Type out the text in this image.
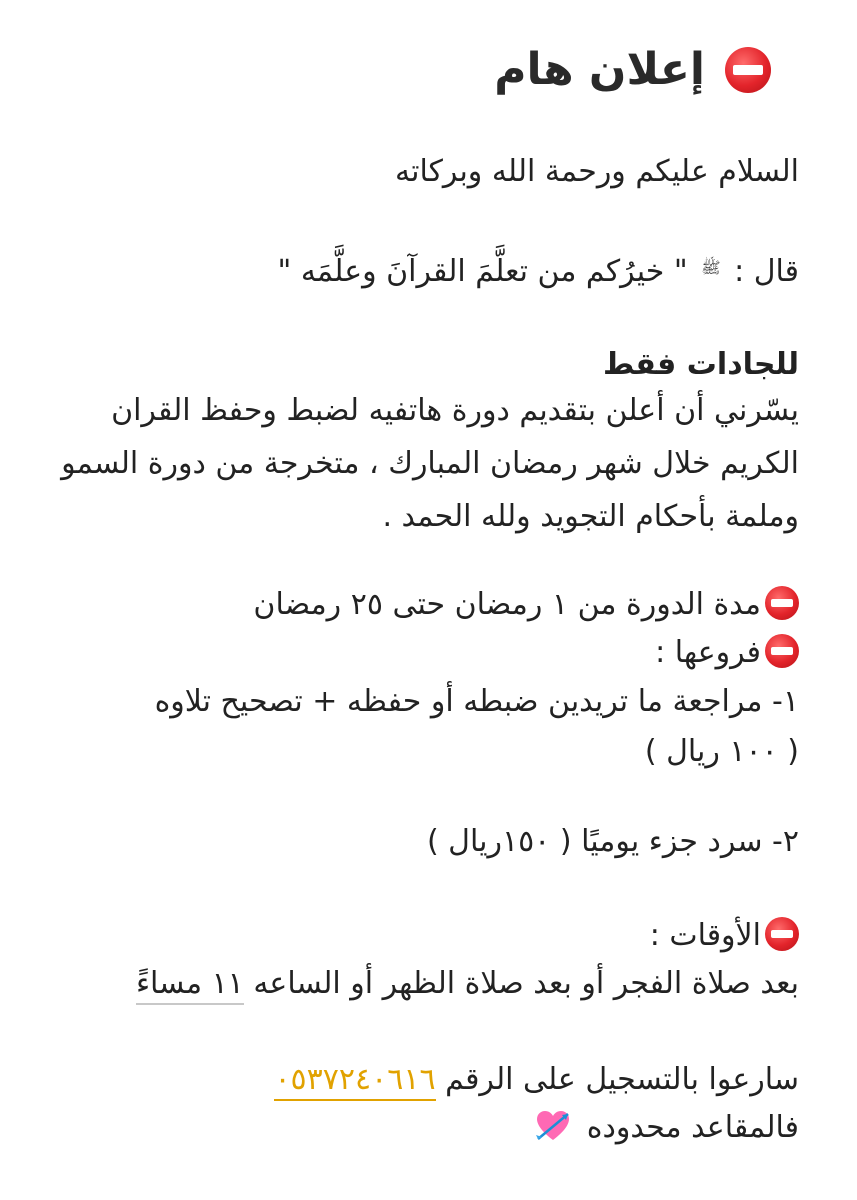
إعلان هام
السلام عليكم ورحمة الله وبركاته
قال : ﷺ " خيرُكم من تعلَّمَ القرآنَ وعلَّمَه "
للجادات فقط
يسّرني أن أعلن بتقديم دورة هاتفيه لضبط وحفظ القران
الكريم خلال شهر رمضان المبارك ، متخرجة من دورة السمو
وملمة بأحكام التجويد ولله الحمد .
مدة الدورة من ١ رمضان حتى ٢٥ رمضان
فروعها :
١- مراجعة ما تريدين ضبطه أو حفظه + تصحيح تلاوه
( ١٠٠ ريال )
٢- سرد جزء يوميًا ( ١٥٠ريال )
الأوقات :
بعد صلاة الفجر أو بعد صلاة الظهر أو الساعه ١١ مساءً
سارعوا بالتسجيل على الرقم ٠٥٣٧٢٤٠٦١٦
فالمقاعد محدوده
